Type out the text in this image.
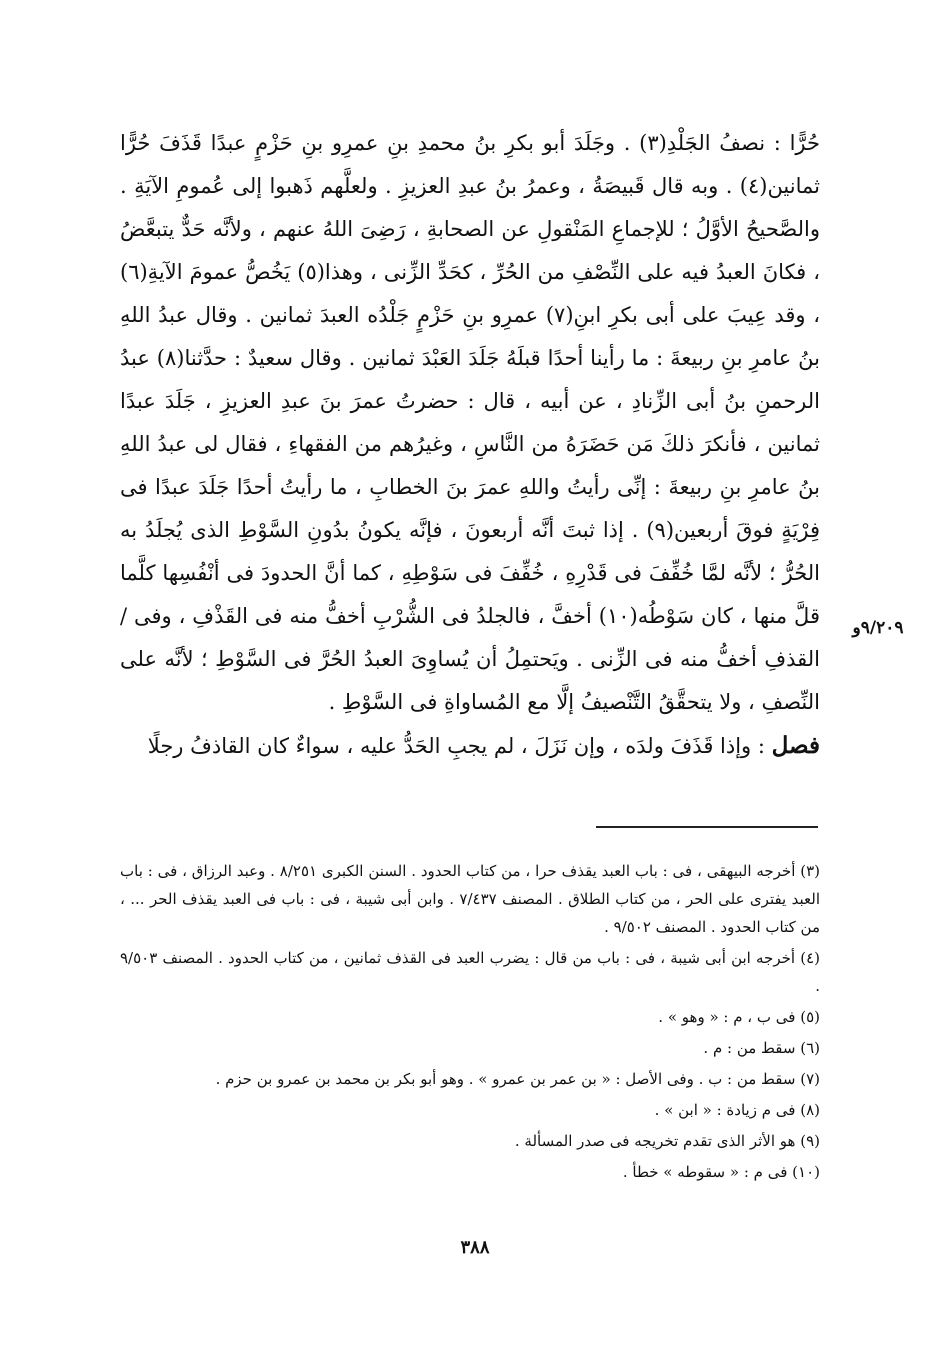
حُرًّا : نصفُ الجَلْدِ(٣) . وجَلَدَ أبو بكرِ بنُ محمدِ بنِ عمرِو بنِ حَزْمٍ عبدًا قَذَفَ حُرًّا ثمانين(٤) . وبه قال قَبيصَةُ ، وعمرُ بنُ عبدِ العزيزِ . ولعلَّهم ذَهبوا إلى عُمومِ الآيَةِ . والصَّحيحُ الأوَّلُ ؛ للإجماعِ المَنْقولِ عن الصحابةِ ، رَضِىَ اللهُ عنهم ، ولأنَّه حَدٌّ يتبعَّضُ ، فكانَ العبدُ فيه على النِّصْفِ من الحُرِّ ، كحَدِّ الزِّنى ، وهذا(٥) يَخُصُّ عمومَ الآيةِ(٦) ، وقد عِيبَ على أبى بكرِ ابنِ(٧) عمرِو بنِ حَزْمٍ جَلْدُه العبدَ ثمانين . وقال عبدُ اللهِ بنُ عامرِ بنِ ربيعةَ : ما رأينا أحدًا قبلَهُ جَلَدَ العَبْدَ ثمانين . وقال سعيدٌ : حدَّثنا(٨) عبدُ الرحمنِ بنُ أبى الزِّنادِ ، عن أبيه ، قال : حضرتُ عمرَ بنَ عبدِ العزيزِ ، جَلَدَ عبدًا ثمانين ، فأنكرَ ذلكَ مَن حَضَرَهُ من النَّاسِ ، وغيرُهم من الفقهاءِ ، فقال لى عبدُ اللهِ بنُ عامرِ بنِ ربيعةَ : إنِّى رأيتُ واللهِ عمرَ بنَ الخطابِ ، ما رأيتُ أحدًا جَلَدَ عبدًا فى فِرْيَةٍ فوقَ أربعين(٩) . إذا ثبتَ أنَّه أربعونَ ، فإنَّه يكونُ بدُونِ السَّوْطِ الذى يُجلَدُ به الحُرُّ ؛ لأنَّه لمَّا خُفِّفَ فى قَدْرِهِ ، خُفِّفَ فى سَوْطِهِ ، كما أنَّ الحدودَ فى أنْفُسِها كلَّما قلَّ منها ، كان سَوْطُه(١٠) أخفَّ ، فالجلدُ فى الشُّرْبِ أخفُّ منه فى القَذْفِ ، وفى / القذفِ أخفُّ منه فى الزِّنى . ويَحتمِلُ أن يُساوِىَ العبدُ الحُرَّ فى السَّوْطِ ؛ لأنَّه على النِّصفِ ، ولا يتحقَّقُ التَّنْصيفُ إلَّا مع المُساواةِ فى السَّوْطِ .

فصل : وإذا قَذَفَ ولدَه ، وإن نَزَلَ ، لم يجبِ الحَدُّ عليه ، سواءٌ كان القاذفُ رجلًا

٩/٢٠٩و

(٣) أخرجه البيهقى ، فى : باب العبد يقذف حرا ، من كتاب الحدود . السنن الكبرى ٨/٢٥١ . وعبد الرزاق ، فى : باب العبد يفترى على الحر ، من كتاب الطلاق . المصنف ٧/٤٣٧ . وابن أبى شيبة ، فى : باب فى العبد يقذف الحر ... ، من كتاب الحدود . المصنف ٩/٥٠٢ .

(٤) أخرجه ابن أبى شيبة ، فى : باب من قال : يضرب العبد فى القذف ثمانين ، من كتاب الحدود . المصنف ٩/٥٠٣ .

(٥) فى ب ، م : « وهو » .

(٦) سقط من : م .

(٧) سقط من : ب . وفى الأصل : « بن عمر بن عمرو » . وهو أبو بكر بن محمد بن عمرو بن حزم .

(٨) فى م زيادة : « ابن » .

(٩) هو الأثر الذى تقدم تخريجه فى صدر المسألة .

(١٠) فى م : « سقوطه » خطأ .

٣٨٨
